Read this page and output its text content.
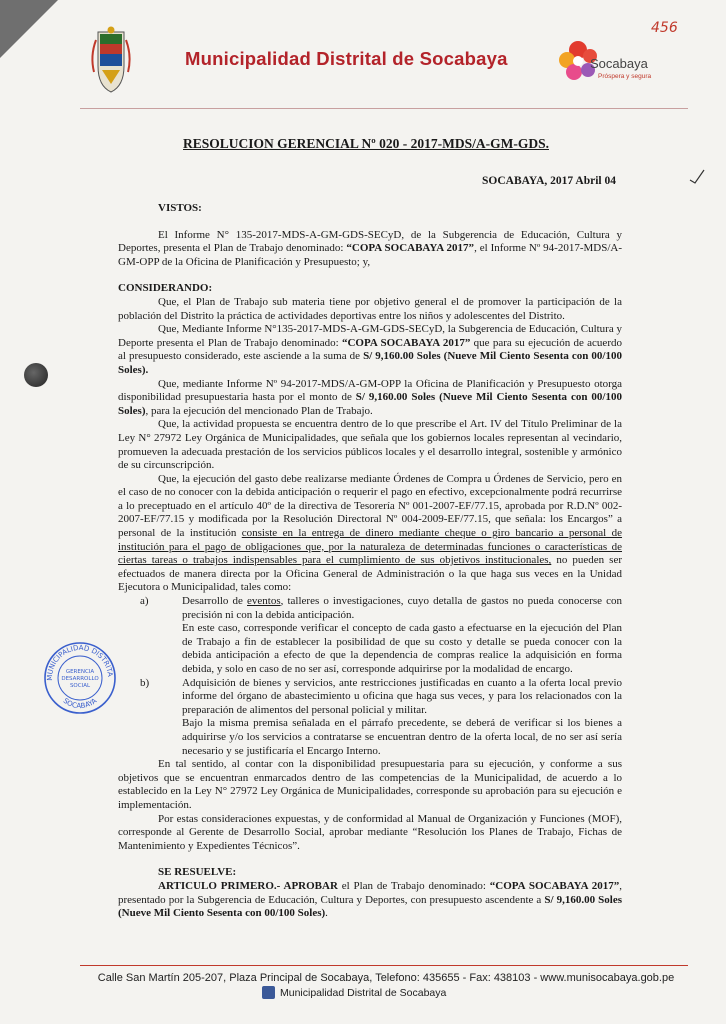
Municipalidad Distrital de Socabaya	Socabaya
Próspera y segura
456
RESOLUCION GERENCIAL Nº 020 - 2017-MDS/A-GM-GDS.
SOCABAYA, 2017 Abril 04

VISTOS:

El Informe N° 135-2017-MDS-A-GM-GDS-SECyD, de la Subgerencia de Educación, Cultura y Deportes, presenta el Plan de Trabajo denominado: “COPA SOCABAYA 2017”, el Informe Nº 94-2017-MDS/A-GM-OPP de la Oficina de Planificación y Presupuesto; y,

CONSIDERANDO:

Que, el Plan de Trabajo sub materia tiene por objetivo general el de promover la participación de la población del Distrito la práctica de actividades deportivas entre los niños y adolescentes del Distrito.

Que, Mediante Informe N°135-2017-MDS-A-GM-GDS-SECyD, la Subgerencia de Educación, Cultura y Deporte presenta el Plan de Trabajo denominado: “COPA SOCABAYA 2017” que para su ejecución de acuerdo al presupuesto considerado, este asciende a la suma de S/ 9,160.00 Soles (Nueve Mil Ciento Sesenta con 00/100 Soles).

Que, mediante Informe Nº 94-2017-MDS/A-GM-OPP la Oficina de Planificación y Presupuesto otorga disponibilidad presupuestaria hasta por el monto de S/ 9,160.00 Soles (Nueve Mil Ciento Sesenta con 00/100 Soles), para la ejecución del mencionado Plan de Trabajo.

Que, la actividad propuesta se encuentra dentro de lo que prescribe el Art. IV del Título Preliminar de la Ley N° 27972 Ley Orgánica de Municipalidades, que señala que los gobiernos locales representan al vecindario, promueven la adecuada prestación de los servicios públicos locales y el desarrollo integral, sostenible y armónico de su circunscripción.

Que, la ejecución del gasto debe realizarse mediante Órdenes de Compra u Órdenes de Servicio, pero en el caso de no conocer con la debida anticipación o requerir el pago en efectivo, excepcionalmente podrá recurrirse a lo preceptuado en el artículo 40º de la directiva de Tesorería Nº 001-2007-EF/77.15, aprobada por R.D.Nº 002-2007-EF/77.15 y modificada por la Resolución Directoral Nº 004-2009-EF/77.15, que señala: los Encargos” a personal de la institución consiste en la entrega de dinero mediante cheque o giro bancario a personal de institución para el pago de obligaciones que, por la naturaleza de determinadas funciones o características de ciertas tareas o trabajos indispensables para el cumplimiento de sus objetivos institucionales, no pueden ser efectuados de manera directa por la Oficina General de Administración o la que haga sus veces en la Unidad Ejecutora o Municipalidad, tales como:

a)	Desarrollo de eventos, talleres o investigaciones, cuyo detalla de gastos no pueda conocerse con precisión ni con la debida anticipación.
En este caso, corresponde verificar el concepto de cada gasto a efectuarse en la ejecución del Plan de Trabajo a fin de establecer la posibilidad de que su costo y detalle se pueda conocer con la debida anticipación a efecto de que la dependencia de compras realice la adquisición en forma debida, y solo en caso de no ser así, corresponde adquirirse por la modalidad de encargo.
b)	Adquisición de bienes y servicios, ante restricciones justificadas en cuanto a la oferta local previo informe del órgano de abastecimiento u oficina que haga sus veces, y para los relacionados con la preparación de alimentos del personal policial y militar.
Bajo la misma premisa señalada en el párrafo precedente, se deberá de verificar si los bienes a adquirirse y/o los servicios a contratarse se encuentran dentro de la oferta local, de no ser así sería necesario y se justificaría el Encargo Interno.

En tal sentido, al contar con la disponibilidad presupuestaria para su ejecución, y conforme a sus objetivos que se encuentran enmarcados dentro de las competencias de la Municipalidad, de acuerdo a lo establecido en la Ley N° 27972 Ley Orgánica de Municipalidades, corresponde su aprobación para su ejecución e implementación.

Por estas consideraciones expuestas, y de conformidad al Manual de Organización y Funciones (MOF), corresponde al Gerente de Desarrollo Social, aprobar mediante “Resolución los Planes de Trabajo, Fichas de Mantenimiento y Expedientes Técnicos”.

SE RESUELVE:

ARTICULO PRIMERO.- APROBAR el Plan de Trabajo denominado: “COPA SOCABAYA 2017”, presentado por la Subgerencia de Educación, Cultura y Deportes, con presupuesto ascendente a S/ 9,160.00 Soles (Nueve Mil Ciento Sesenta con 00/100 Soles).

MUNICIPALIDAD DISTRITA
SOCABAYA
GERENCIA
DESARROLLO
SOCIAL
Calle San Martín 205-207, Plaza Principal de Socabaya, Telefono: 435655 - Fax: 438103 - www.munisocabaya.gob.pe
Municipalidad Distrital de Socabaya
